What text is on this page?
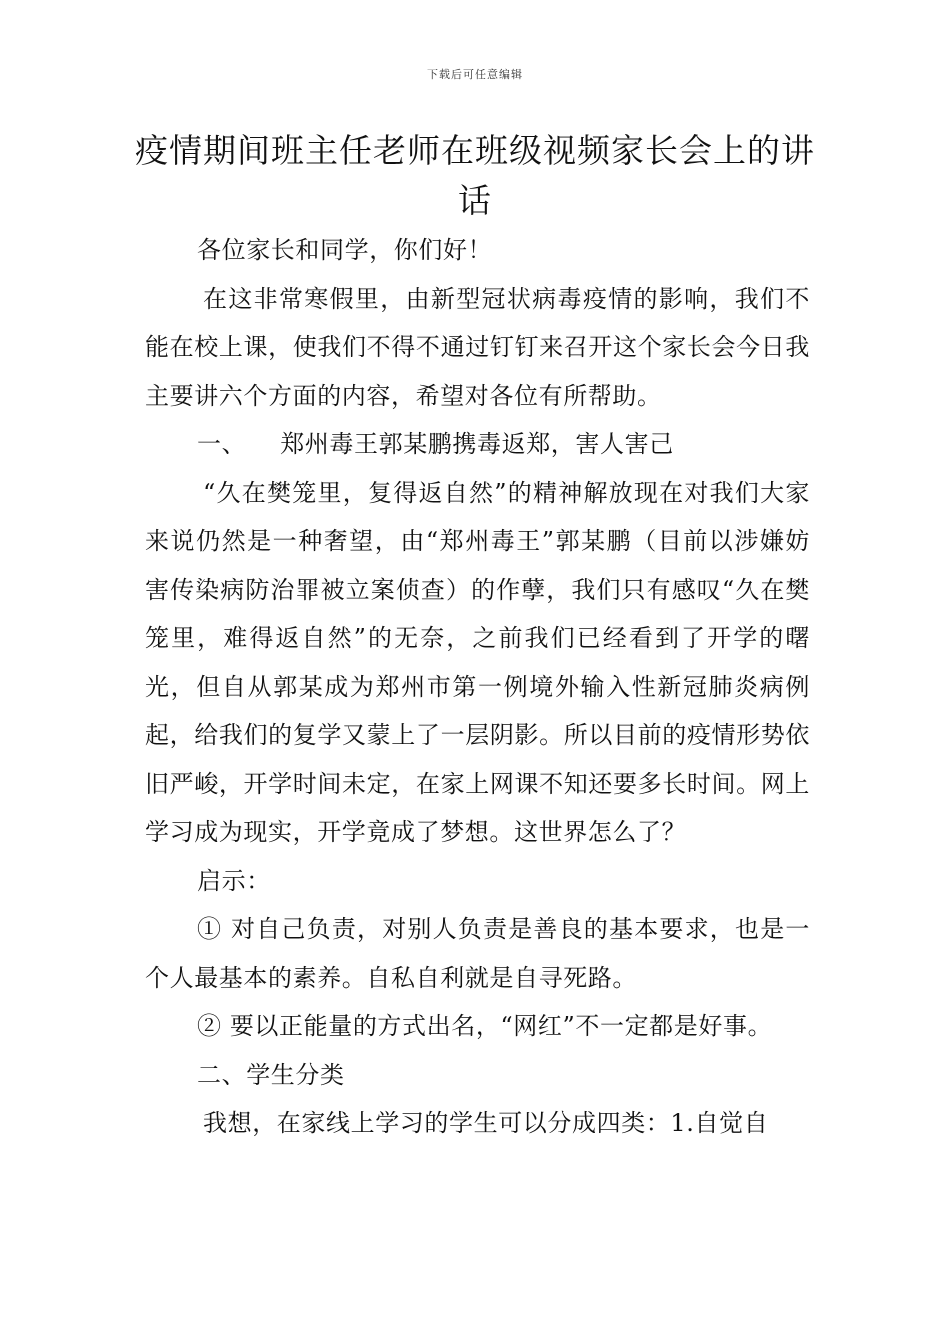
下载后可任意编辑
疫情期间班主任老师在班级视频家长会上的讲话

各位家长和同学，你们好！

在这非常寒假里，由新型冠状病毒疫情的影响，我们不能在校上课，使我们不得不通过钉钉来召开这个家长会今日我主要讲六个方面的内容，希望对各位有所帮助。

一、 郑州毒王郭某鹏携毒返郑，害人害己

“久在樊笼里，复得返自然”的精神解放现在对我们大家来说仍然是一种奢望，由“郑州毒王”郭某鹏（目前以涉嫌妨害传染病防治罪被立案侦查）的作孽，我们只有感叹“久在樊笼里，难得返自然”的无奈，之前我们已经看到了开学的曙光，但自从郭某成为郑州市第一例境外输入性新冠肺炎病例起，给我们的复学又蒙上了一层阴影。所以目前的疫情形势依旧严峻，开学时间未定，在家上网课不知还要多长时间。网上学习成为现实，开学竟成了梦想。这世界怎么了？

启示：

① 对自己负责，对别人负责是善良的基本要求，也是一个人最基本的素养。自私自利就是自寻死路。

② 要以正能量的方式出名，“网红”不一定都是好事。

二、学生分类

我想，在家线上学习的学生可以分成四类：1.自觉自
